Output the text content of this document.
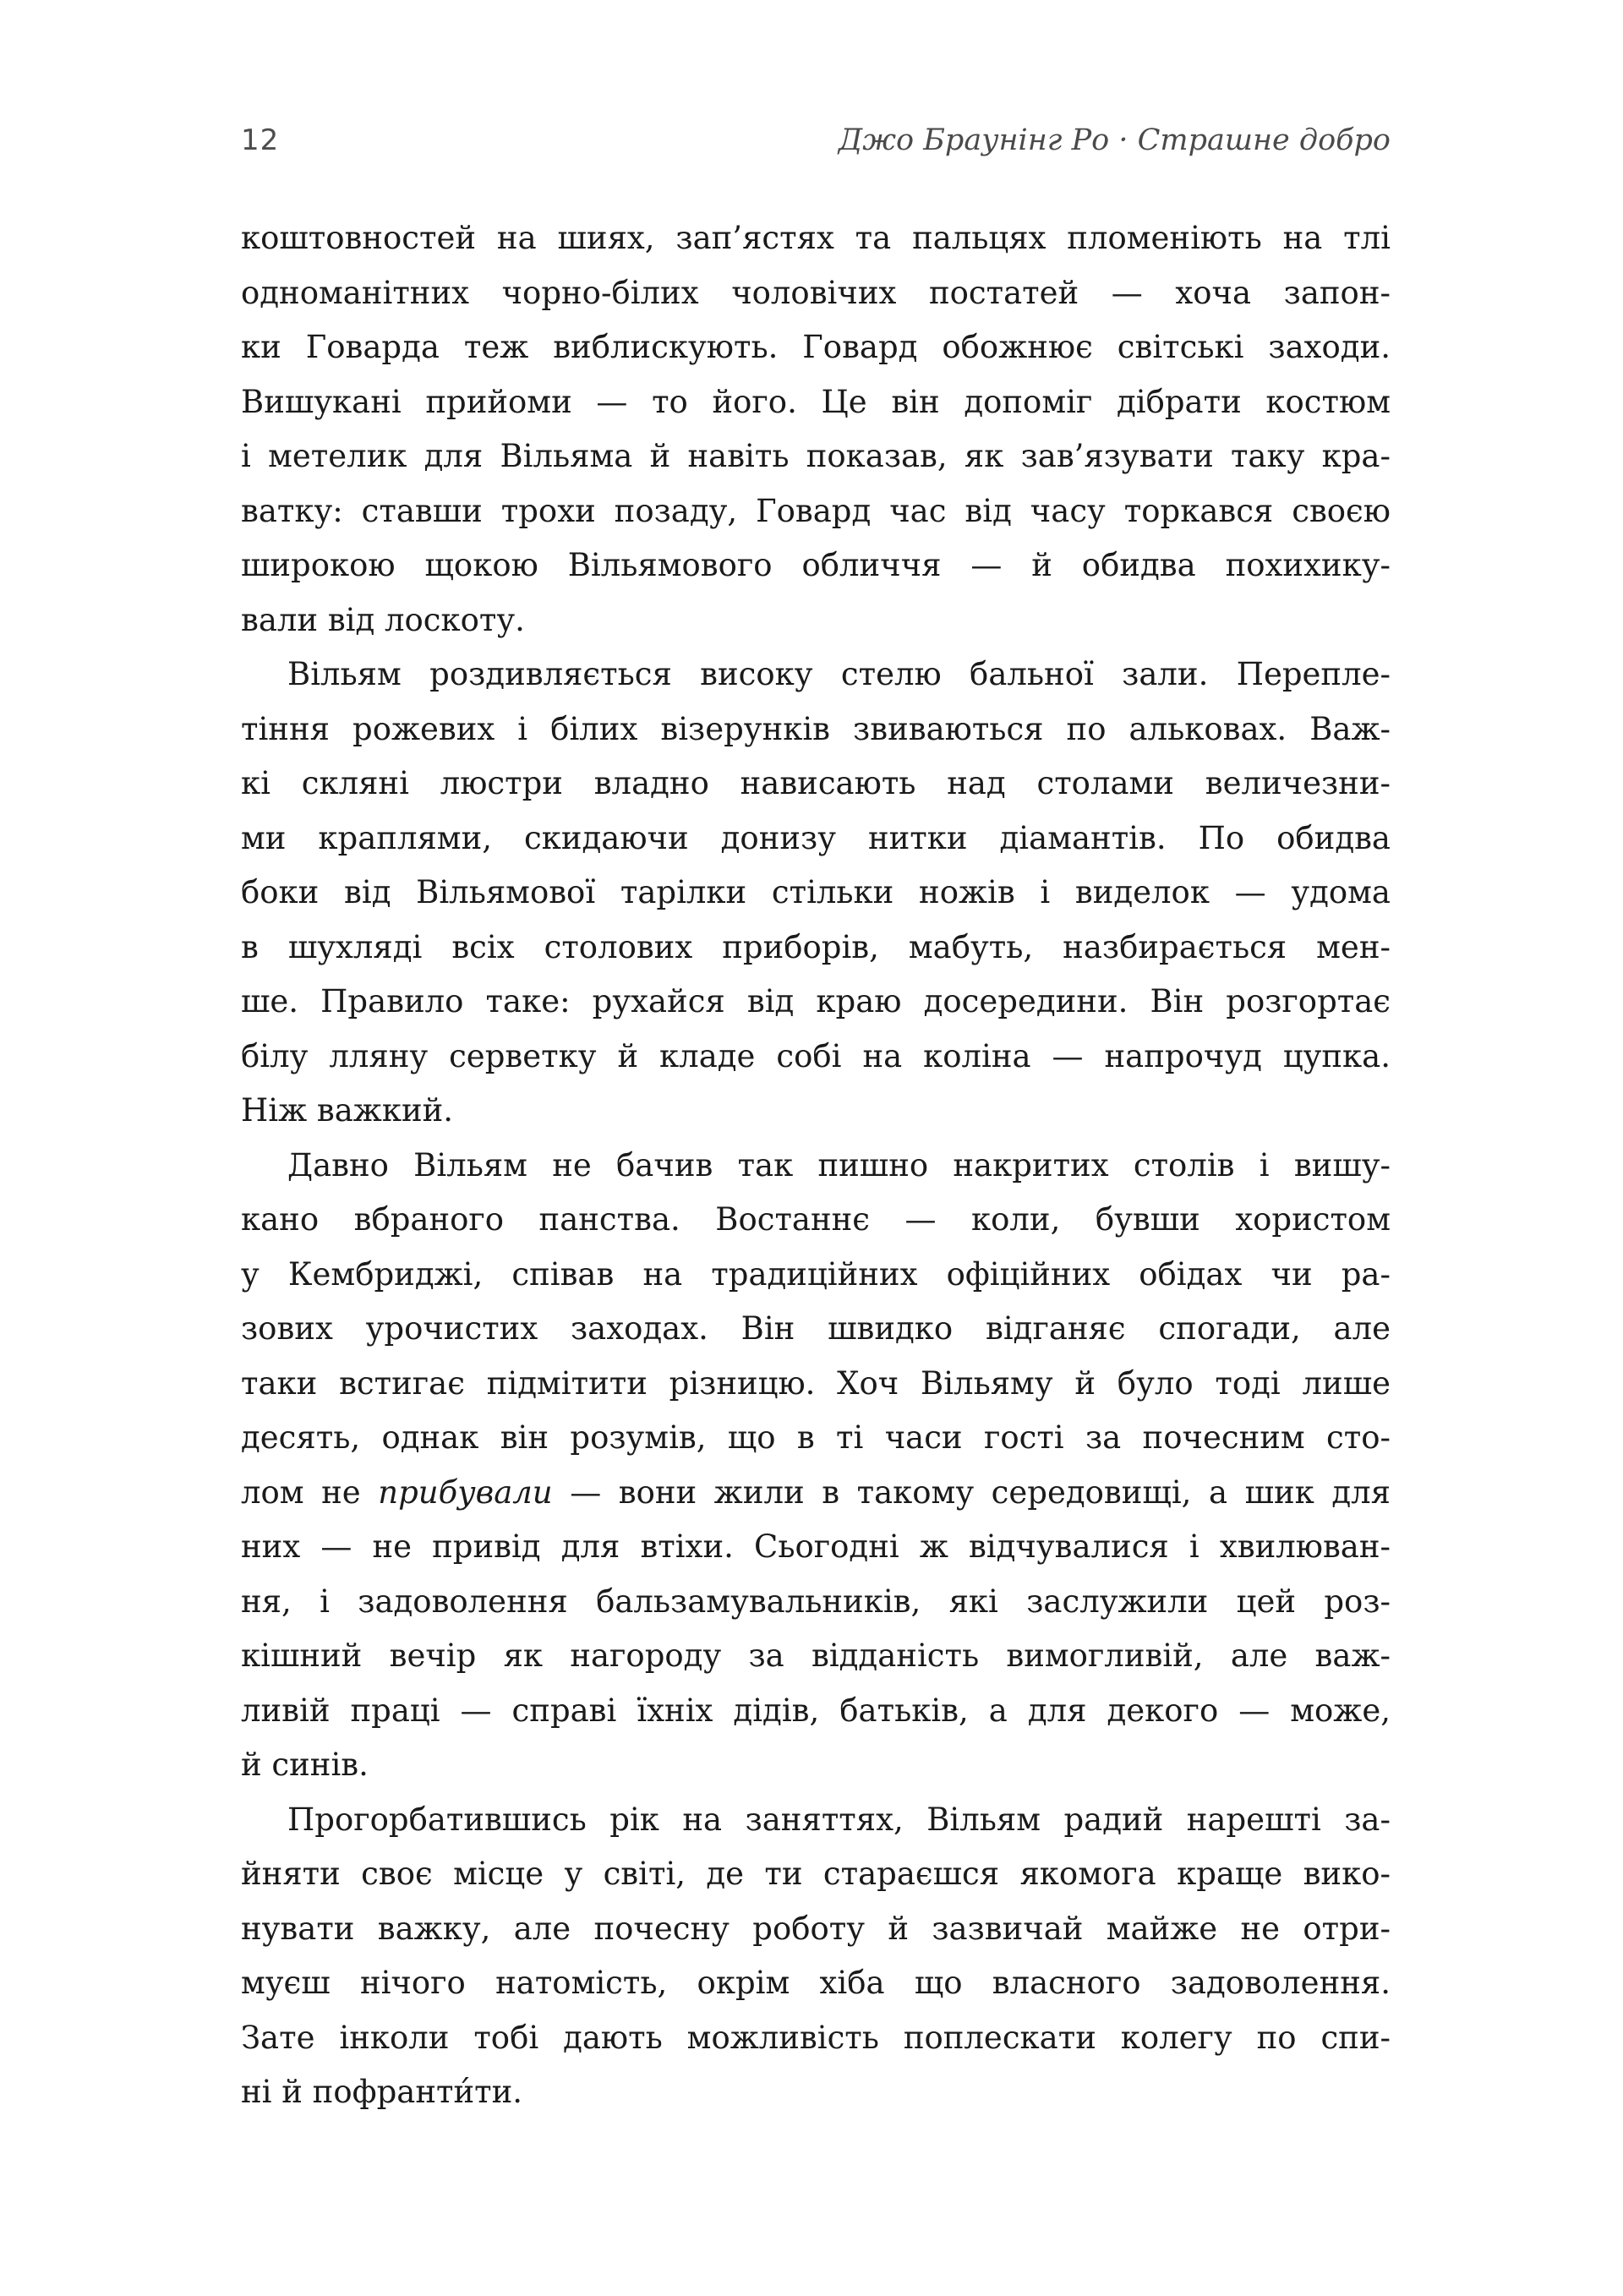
12	Джо Браунінг Ро · Страшне добро
коштовностей на шиях, зап’ястях та пальцях пломеніють на тлі
одноманітних чорно-білих чоловічих постатей — хоча запон-
ки Говарда теж виблискують. Говард обожнює світські заходи.
Вишукані прийоми — то його. Це він допоміг дібрати костюм
і метелик для Вільяма й навіть показав, як зав’язувати таку кра-
ватку: ставши трохи позаду, Говард час від часу торкався своєю
широкою щокою Вільямового обличчя — й обидва похихику-
вали від лоскоту.
Вільям роздивляється високу стелю бальної зали. Перепле-
тіння рожевих і білих візерунків звиваються по альковах. Важ-
кі скляні люстри владно нависають над столами величезни-
ми краплями, скидаючи донизу нитки діамантів. По обидва
боки від Вільямової тарілки стільки ножів і виделок — удома
в шухляді всіх столових приборів, мабуть, назбирається мен-
ше. Правило таке: рухайся від краю досередини. Він розгортає
білу лляну серветку й кладе собі на коліна — напрочуд цупка.
Ніж важкий.
Давно Вільям не бачив так пишно накритих столів і вишу-
кано вбраного панства. Востаннє — коли, бувши хористом
у Кембриджі, співав на традиційних офіційних обідах чи ра-
зових урочистих заходах. Він швидко відганяє спогади, але
таки встигає підмітити різницю. Хоч Вільяму й було тоді лише
десять, однак він розумів, що в ті часи гості за почесним сто-
лом не прибували — вони жили в такому середовищі, а шик для
них — не привід для втіхи. Сьогодні ж відчувалися і хвилюван-
ня, і задоволення бальзамувальників, які заслужили цей роз-
кішний вечір як нагороду за відданість вимогливій, але важ-
ливій праці — справі їхніх дідів, батьків, а для декого — може,
й синів.
Прогорбатившись рік на заняттях, Вільям радий нарешті за-
йняти своє місце у світі, де ти стараєшся якомога краще вико-
нувати важку, але почесну роботу й зазвичай майже не отри-
муєш нічого натомість, окрім хіба що власного задоволення.
Зате інколи тобі дають можливість поплескати колегу по спи-
ні й пофранти́ти.
